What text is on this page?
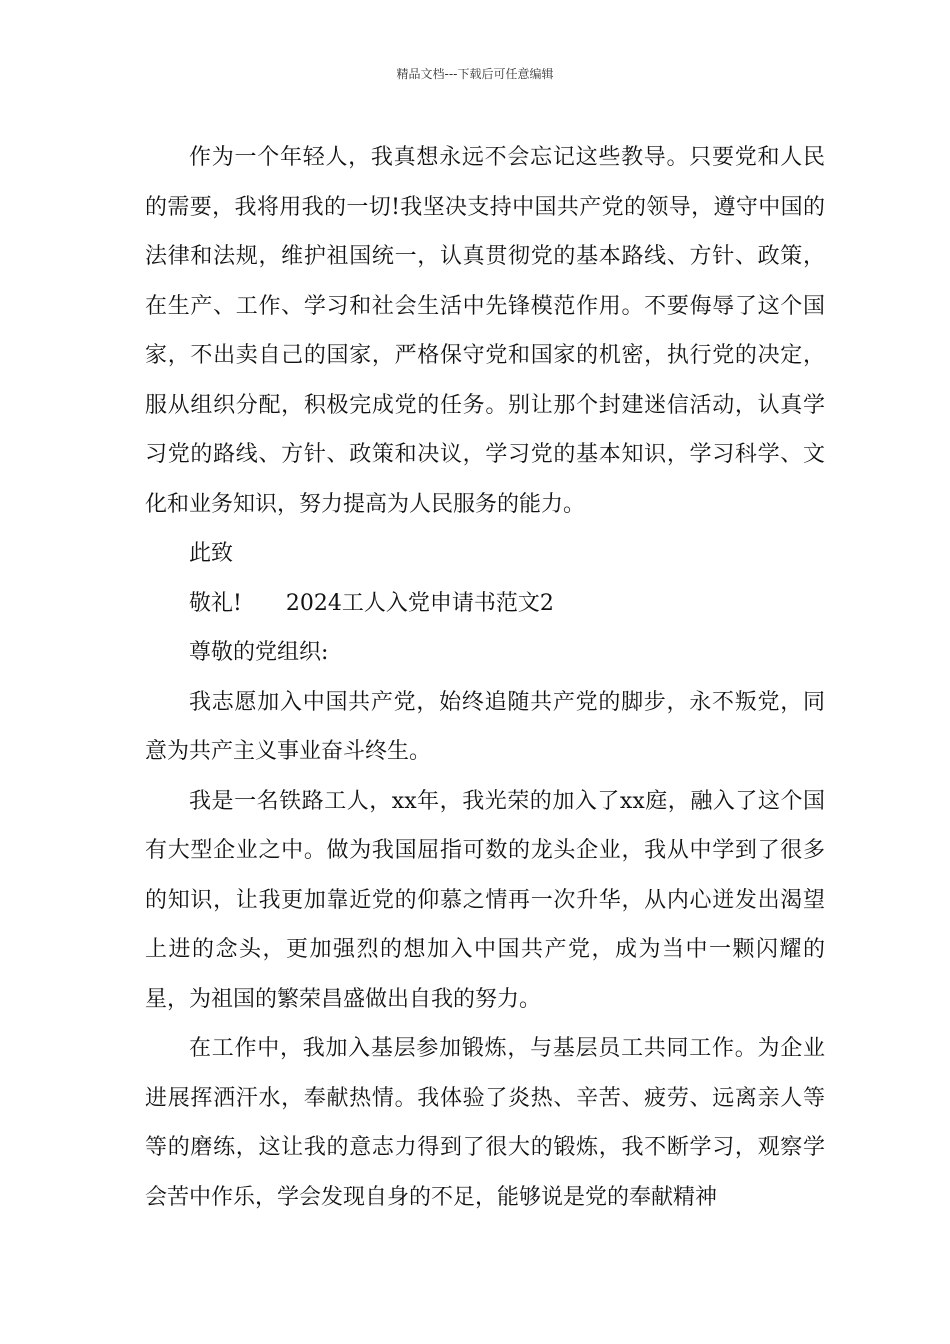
精品文档---下载后可任意编辑

作为一个年轻人，我真想永远不会忘记这些教导。只要党和人民的需要，我将用我的一切!我坚决支持中国共产党的领导，遵守中国的法律和法规，维护祖国统一，认真贯彻党的基本路线、方针、政策，在生产、工作、学习和社会生活中先锋模范作用。不要侮辱了这个国家，不出卖自己的国家，严格保守党和国家的机密，执行党的决定，服从组织分配，积极完成党的任务。别让那个封建迷信活动，认真学习党的路线、方针、政策和决议，学习党的基本知识，学习科学、文化和业务知识，努力提高为人民服务的能力。

此致

敬礼! 2024工人入党申请书范文2

尊敬的党组织:

我志愿加入中国共产党，始终追随共产党的脚步，永不叛党，同意为共产主义事业奋斗终生。

我是一名铁路工人，xx年，我光荣的加入了xx庭，融入了这个国有大型企业之中。做为我国屈指可数的龙头企业，我从中学到了很多的知识，让我更加靠近党的仰慕之情再一次升华，从内心迸发出渴望上进的念头，更加强烈的想加入中国共产党，成为当中一颗闪耀的星，为祖国的繁荣昌盛做出自我的努力。

在工作中，我加入基层参加锻炼，与基层员工共同工作。为企业进展挥洒汗水，奉献热情。我体验了炎热、辛苦、疲劳、远离亲人等等的磨练，这让我的意志力得到了很大的锻炼，我不断学习，观察学会苦中作乐，学会发现自身的不足，能够说是党的奉献精神
